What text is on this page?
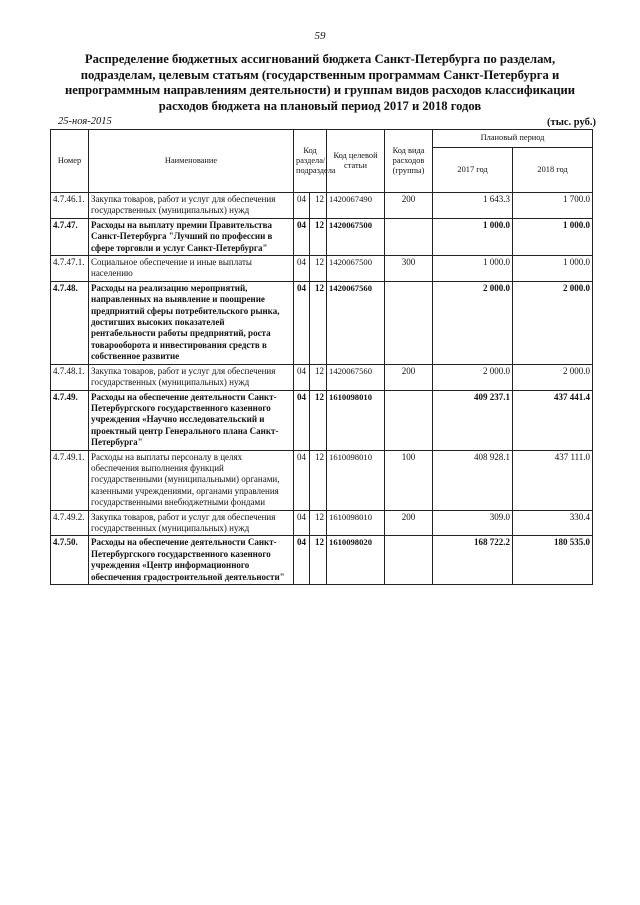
59
Распределение бюджетных ассигнований бюджета Санкт-Петербурга по разделам, подразделам, целевым статьям (государственным программам Санкт-Петербурга и непрограммным направлениям деятельности) и группам видов расходов классификации расходов бюджета на плановый период 2017 и 2018 годов
25-ноя-2015	(тыс. руб.)
Номер	Наименование	Код раздела/подраздела		Код целевой статьи	Код вида расходов (группы)	Плановый период	
						2017 год	2018 год
4.7.46.1.	Закупка товаров, работ и услуг для обеспечения государственных (муниципальных) нужд	04	12	1420067490	200	1 643.3	1 700.0
4.7.47.	Расходы на выплату премии Правительства Санкт-Петербурга "Лучший по профессии в сфере торговли и услуг Санкт-Петербурга"	04	12	1420067500		1 000.0	1 000.0
4.7.47.1.	Социальное обеспечение и иные выплаты населению	04	12	1420067500	300	1 000.0	1 000.0
4.7.48.	Расходы на реализацию мероприятий, направленных на выявление и поощрение предприятий сферы потребительского рынка, достигших высоких показателей рентабельности работы предприятий, роста товарооборота и инвестирования средств в собственное развитие	04	12	1420067560		2 000.0	2 000.0
4.7.48.1.	Закупка товаров, работ и услуг для обеспечения государственных (муниципальных) нужд	04	12	1420067560	200	2 000.0	2 000.0
4.7.49.	Расходы на обеспечение деятельности Санкт-Петербургского государственного казенного учреждения «Научно исследовательский и проектный центр Генерального плана Санкт-Петербурга"	04	12	1610098010		409 237.1	437 441.4
4.7.49.1.	Расходы на выплаты персоналу в целях обеспечения выполнения функций государственными (муниципальными) органами, казенными учреждениями, органами управления государственными внебюджетными фондами	04	12	1610098010	100	408 928.1	437 111.0
4.7.49.2.	Закупка товаров, работ и услуг для обеспечения государственных (муниципальных) нужд	04	12	1610098010	200	309.0	330.4
4.7.50.	Расходы на обеспечение деятельности Санкт-Петербургского государственного казенного учреждения «Центр информационного обеспечения градостроительной деятельности"	04	12	1610098020		168 722.2	180 535.0
